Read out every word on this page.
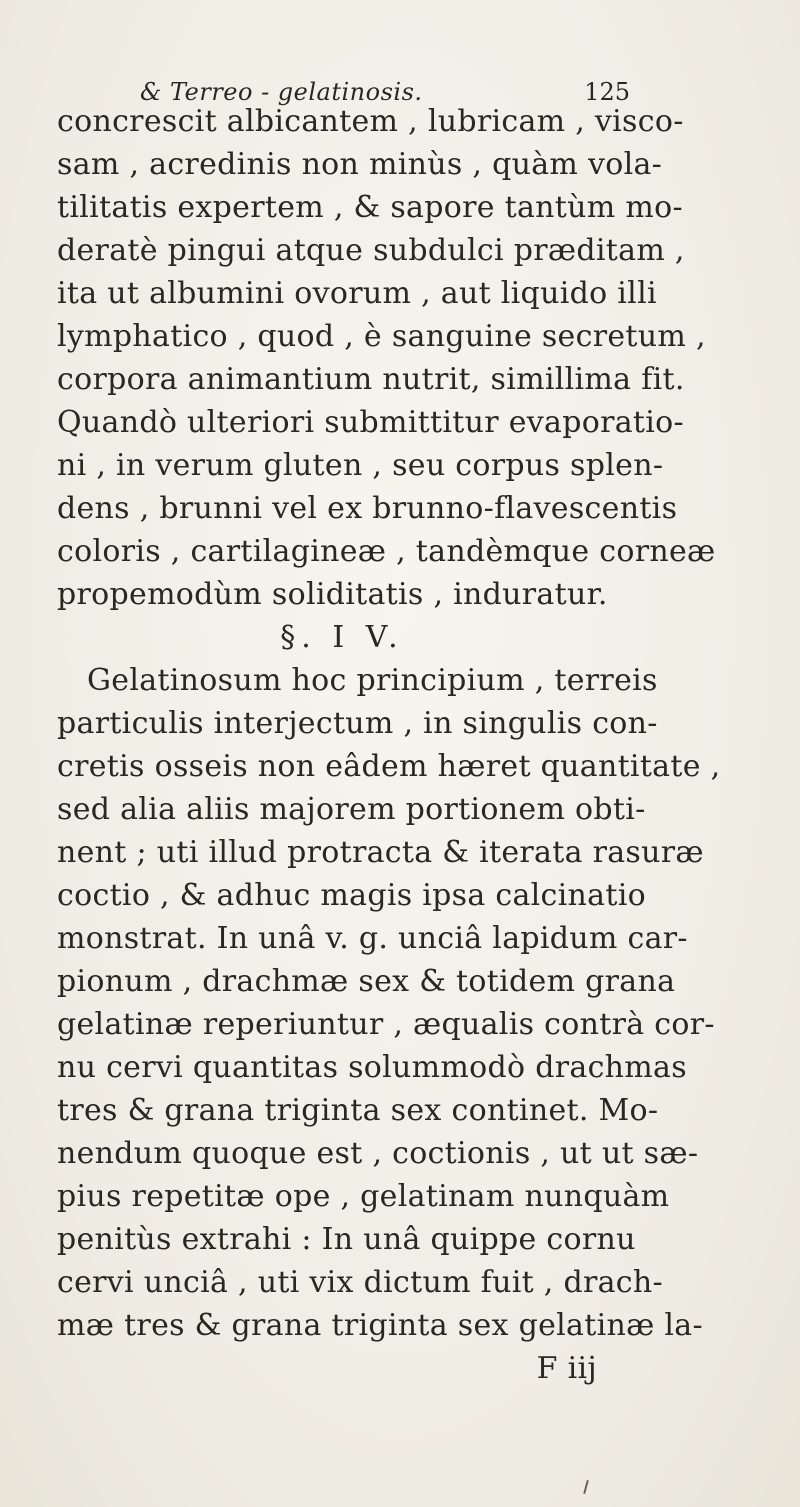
& Terreo - gelatinosis.	125
concrescit albicantem , lubricam , visco-
sam , acredinis non minùs , quàm vola-
tilitatis expertem , & sapore tantùm mo-
deratè pingui atque subdulci præditam ,
ita ut albumini ovorum , aut liquido illi
lymphatico , quod , è sanguine secretum ,
corpora animantium nutrit, simillima fit.
Quandò ulteriori submittitur evaporatio-
ni , in verum gluten , seu corpus splen-
dens , brunni vel ex brunno-flavescentis
coloris , cartilagineæ , tandèmque corneæ
propemodùm soliditatis , induratur.
§. I V.
Gelatinosum hoc principium , terreis
particulis interjectum , in singulis con-
cretis osseis non eâdem hæret quantitate ,
sed alia aliis majorem portionem obti-
nent ; uti illud protracta & iterata rasuræ
coctio , & adhuc magis ipsa calcinatio
monstrat. In unâ v. g. unciâ lapidum car-
pionum , drachmæ sex & totidem grana
gelatinæ reperiuntur , æqualis contrà cor-
nu cervi quantitas solummodò drachmas
tres & grana triginta sex continet. Mo-
nendum quoque est , coctionis , ut ut sæ-
pius repetitæ ope , gelatinam nunquàm
penitùs extrahi : In unâ quippe cornu
cervi unciâ , uti vix dictum fuit , drach-
mæ tres & grana triginta sex gelatinæ la-
F iij
